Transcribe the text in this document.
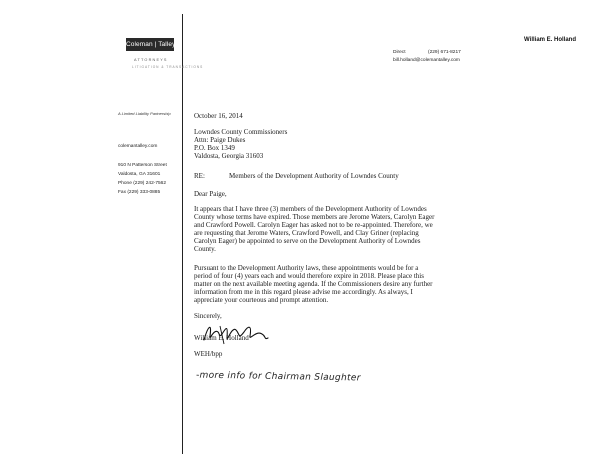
Coleman | Talley
ATTORNEYS
LITIGATION & TRANSACTIONS
A Limited Liability Partnership
colemantalley.com
910 N Patterson Street
Valdosta, GA 31601
Phone (229) 242-7562
Fax (229) 333-0885
William E. Holland
Direct	(229) 671-8217
bill.holland@colemantalley.com
October 16, 2014
Lowndes County Commissioners
Attn: Paige Dukes
P.O. Box 1349
Valdosta, Georgia 31603
RE:	Members of the Development Authority of Lowndes County
Dear Paige,
It appears that I have three (3) members of the Development Authority of Lowndes County whose terms have expired. Those members are Jerome Waters, Carolyn Eager and Crawford Powell. Carolyn Eager has asked not to be re-appointed. Therefore, we are requesting that Jerome Waters, Crawford Powell, and Clay Griner (replacing Carolyn Eager) be appointed to serve on the Development Authority of Lowndes County.
Pursuant to the Development Authority laws, these appointments would be for a period of four (4) years each and would therefore expire in 2018. Please place this matter on the next available meeting agenda. If the Commissioners desire any further information from me in this regard please advise me accordingly. As always, I appreciate your courteous and prompt attention.
Sincerely,
William E. Holland
WEH/bpp
-more info for Chairman Slaughter
